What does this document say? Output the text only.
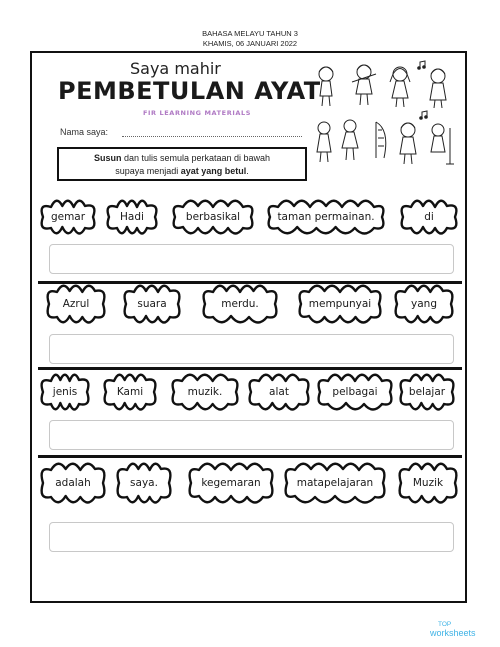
BAHASA MELAYU TAHUN 3
KHAMIS, 06 JANUARI 2022
Saya mahir
PEMBETULAN AYAT
FIR LEARNING MATERIALS
Nama saya:
Susun dan tulis semula perkataan di bawah
supaya menjadi ayat yang betul.
gemar	Hadi	berbasikal	taman permainan.	di
Azrul	suara	merdu.	mempunyai	yang
jenis	Kami	muzik.	alat	pelbagai	belajar
adalah	saya.	kegemaran	matapelajaran	Muzik
TOP
worksheets
